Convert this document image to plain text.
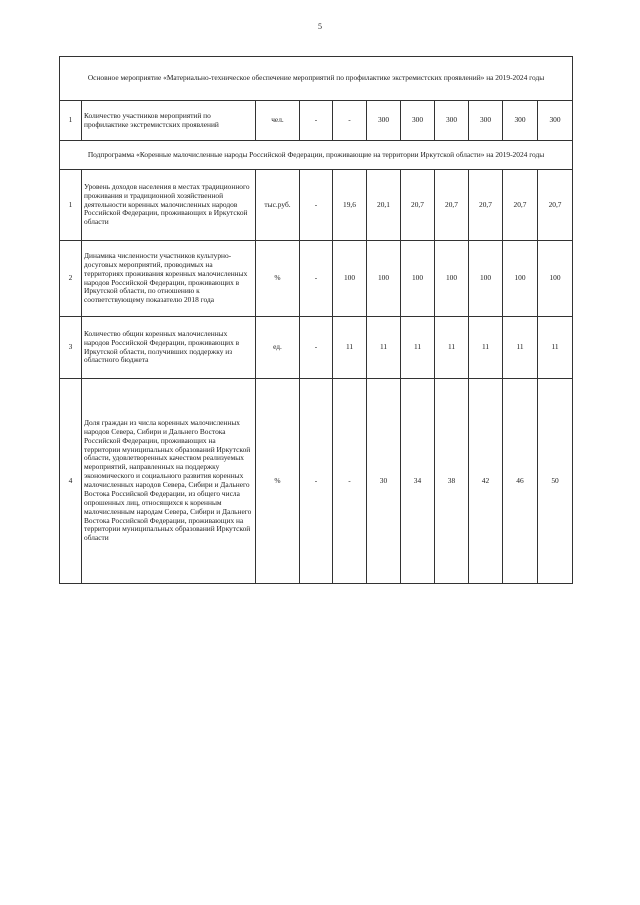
5
Основное мероприятие «Материально-техническое обеспечение мероприятий по профилактике экстремистских проявлений» на 2019-2024 годы										
1	Количество участников мероприятий по профилактике экстремистских проявлений	чел.	-	-	300	300	300	300	300	300
Подпрограмма «Коренные малочисленные народы Российской Федерации, проживающие на территории Иркутской области» на 2019-2024 годы										
1	Уровень доходов населения в местах традиционного проживания и традиционной хозяйственной деятельности коренных малочисленных народов Российской Федерации, проживающих в Иркутской области	тыс.руб.	-	19,6	20,1	20,7	20,7	20,7	20,7	20,7
2	Динамика численности участников культурно-досуговых мероприятий, проводимых на территориях проживания коренных малочисленных народов Российской Федерации, проживающих в Иркутской области, по отношению к соответствующему показателю 2018 года	%	-	100	100	100	100	100	100	100
3	Количество общин коренных малочисленных народов Российской Федерации, проживающих в Иркутской области, получивших поддержку из областного бюджета	ед.	-	11	11	11	11	11	11	11
4	Доля граждан из числа коренных малочисленных народов Севера, Сибири и Дальнего Востока Российской Федерации, проживающих на территории муниципальных образований Иркутской области, удовлетворенных качеством реализуемых мероприятий, направленных на поддержку экономического и социального развития коренных малочисленных народов Севера, Сибири и Дальнего Востока Российской Федерации, из общего числа опрошенных лиц, относящихся к коренным малочисленным народам Севера, Сибири и Дальнего Востока Российской Федерации, проживающих на территории муниципальных образований Иркутской области	%	-	-	30	34	38	42	46	50
